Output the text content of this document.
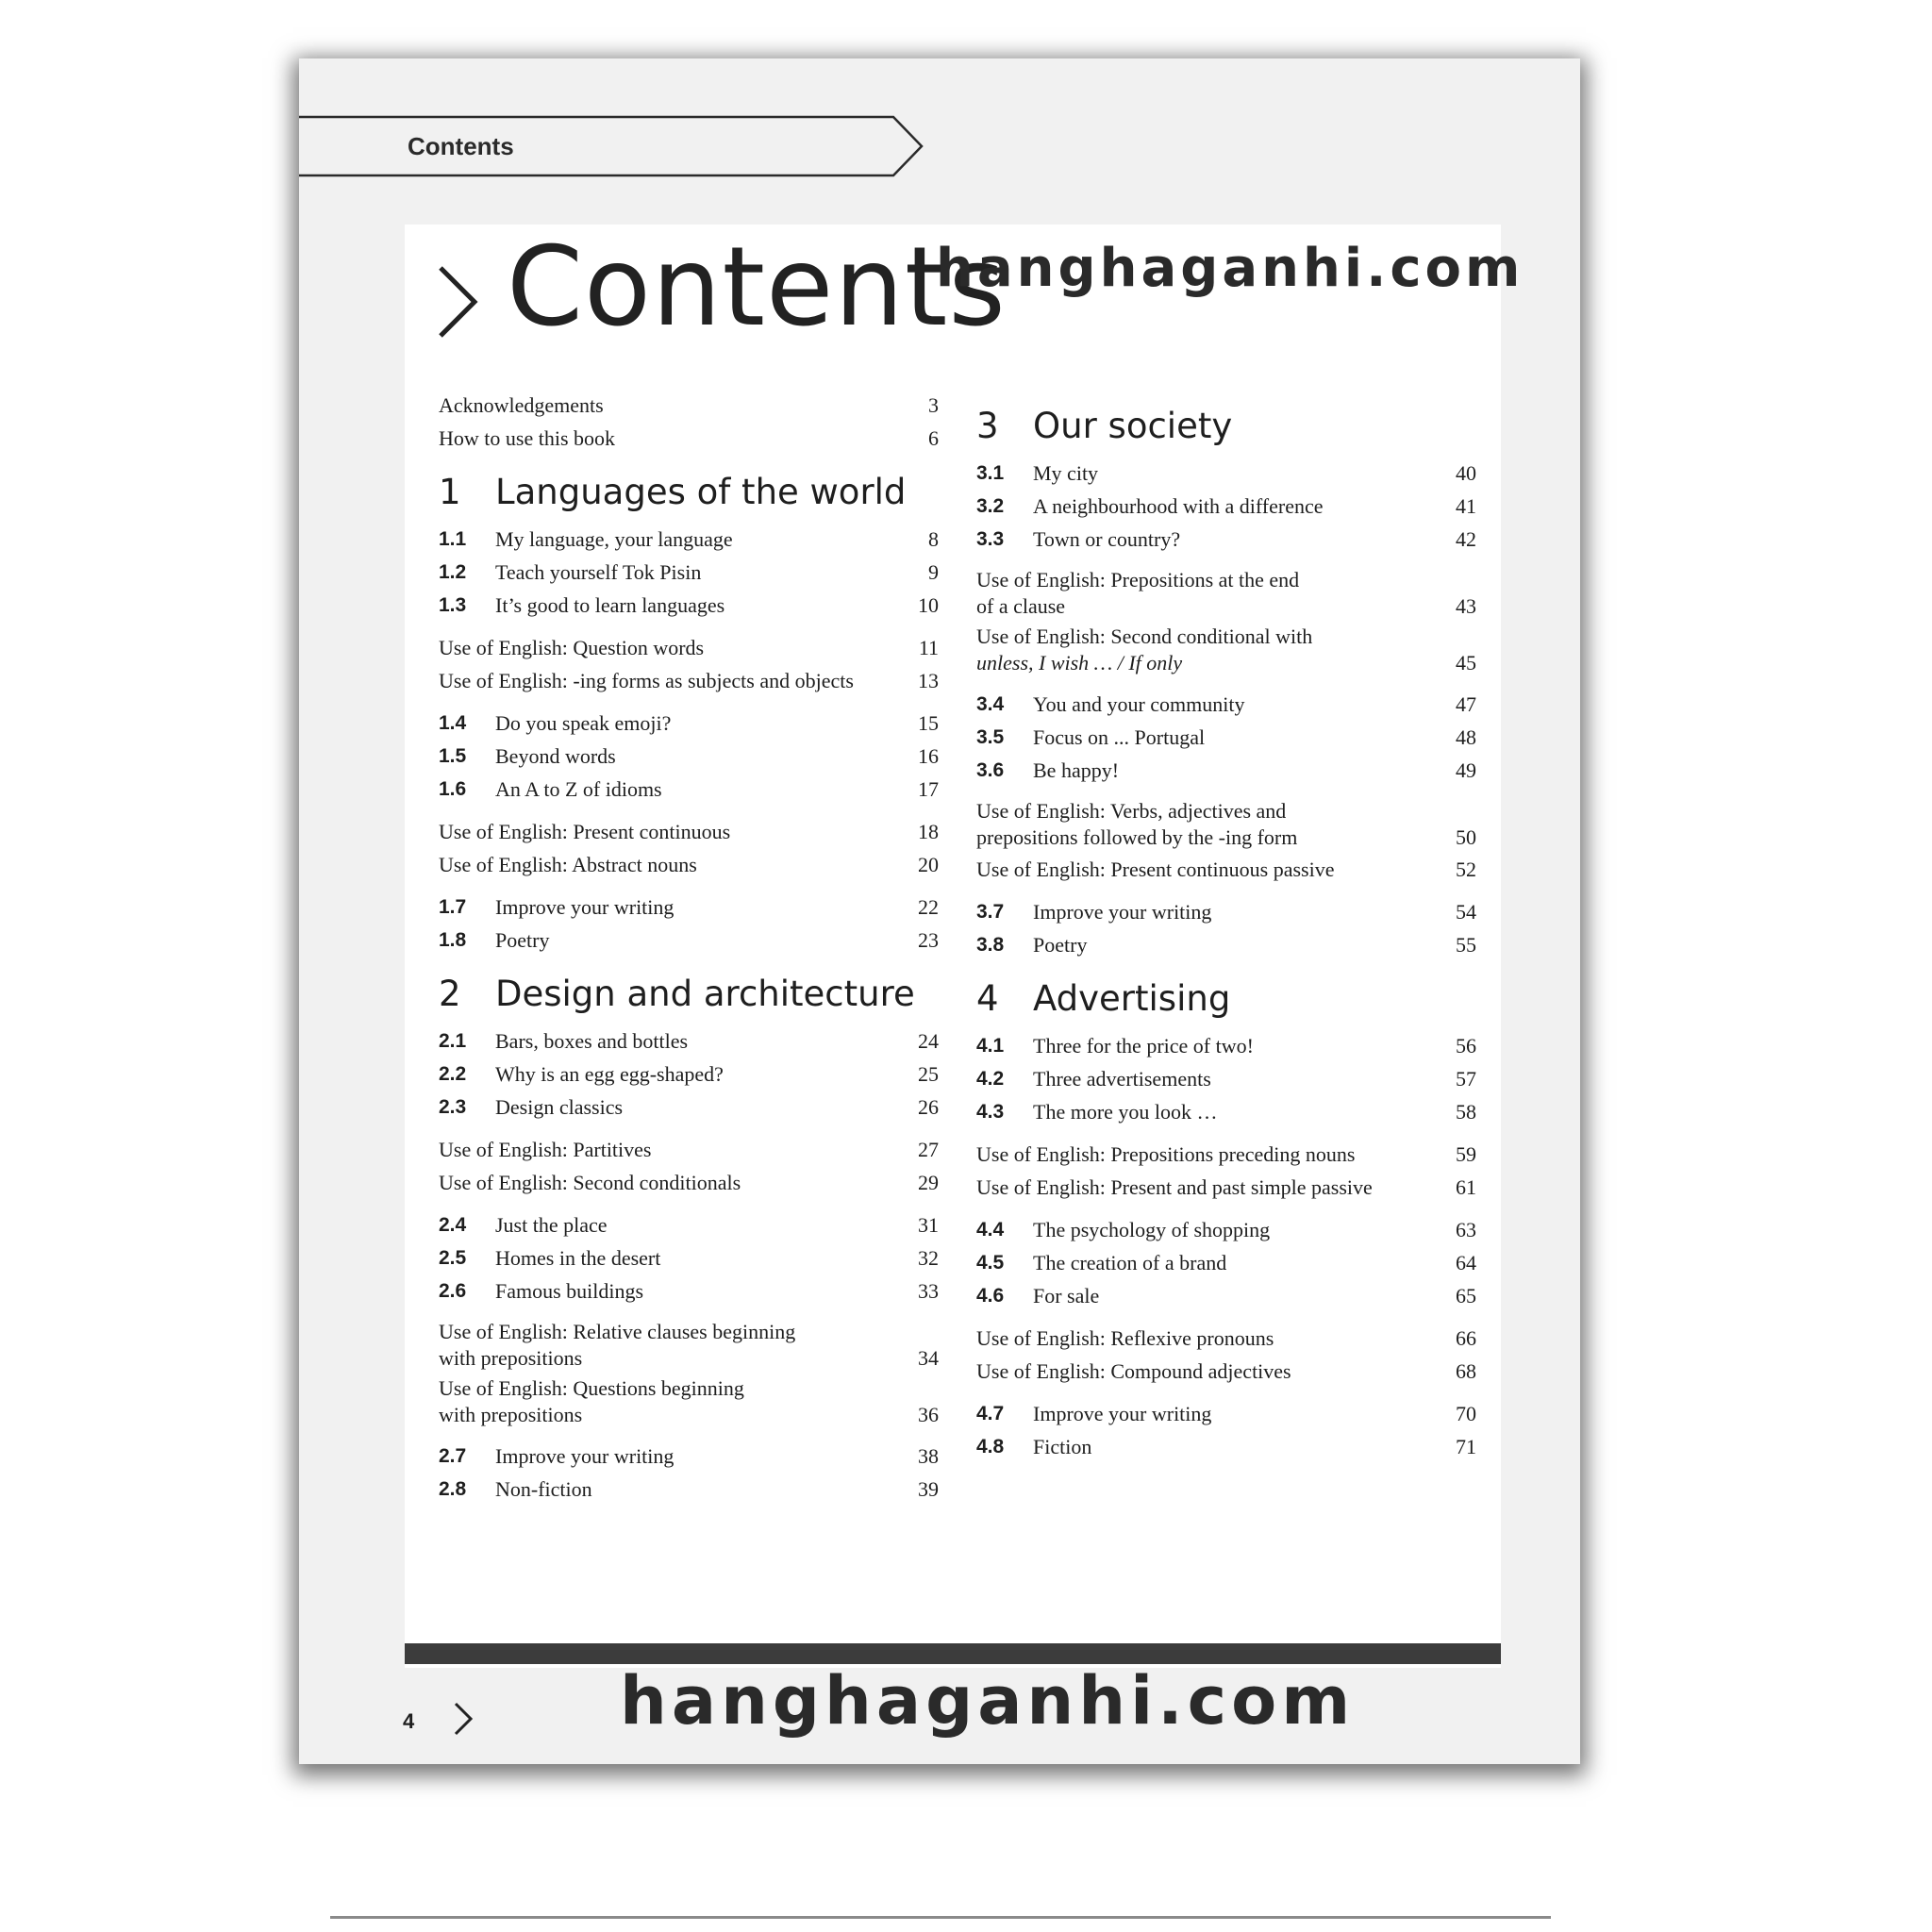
Contents
Contents
hanghaganhi.com
Acknowledgements	3
How to use this book	6
1 Languages of the world
1.1 My language, your language	8
1.2 Teach yourself Tok Pisin	9
1.3 It’s good to learn languages	10
Use of English: Question words	11
Use of English: -ing forms as subjects and objects	13
1.4 Do you speak emoji?	15
1.5 Beyond words	16
1.6 An A to Z of idioms	17
Use of English: Present continuous	18
Use of English: Abstract nouns	20
1.7 Improve your writing	22
1.8 Poetry	23
2 Design and architecture
2.1 Bars, boxes and bottles	24
2.2 Why is an egg egg-shaped?	25
2.3 Design classics	26
Use of English: Partitives	27
Use of English: Second conditionals	29
2.4 Just the place	31
2.5 Homes in the desert	32
2.6 Famous buildings	33
Use of English: Relative clauses beginning
with prepositions	34
Use of English: Questions beginning
with prepositions	36
2.7 Improve your writing	38
2.8 Non-fiction	39
3 Our society
3.1 My city	40
3.2 A neighbourhood with a difference	41
3.3 Town or country?	42
Use of English: Prepositions at the end
of a clause	43
Use of English: Second conditional with
unless, I wish … / If only	45
3.4 You and your community	47
3.5 Focus on ... Portugal	48
3.6 Be happy!	49
Use of English: Verbs, adjectives and
prepositions followed by the -ing form	50
Use of English: Present continuous passive	52
3.7 Improve your writing	54
3.8 Poetry	55
4 Advertising
4.1 Three for the price of two!	56
4.2 Three advertisements	57
4.3 The more you look …	58
Use of English: Prepositions preceding nouns	59
Use of English: Present and past simple passive	61
4.4 The psychology of shopping	63
4.5 The creation of a brand	64
4.6 For sale	65
Use of English: Reflexive pronouns	66
Use of English: Compound adjectives	68
4.7 Improve your writing	70
4.8 Fiction	71
4	hanghaganhi.com
